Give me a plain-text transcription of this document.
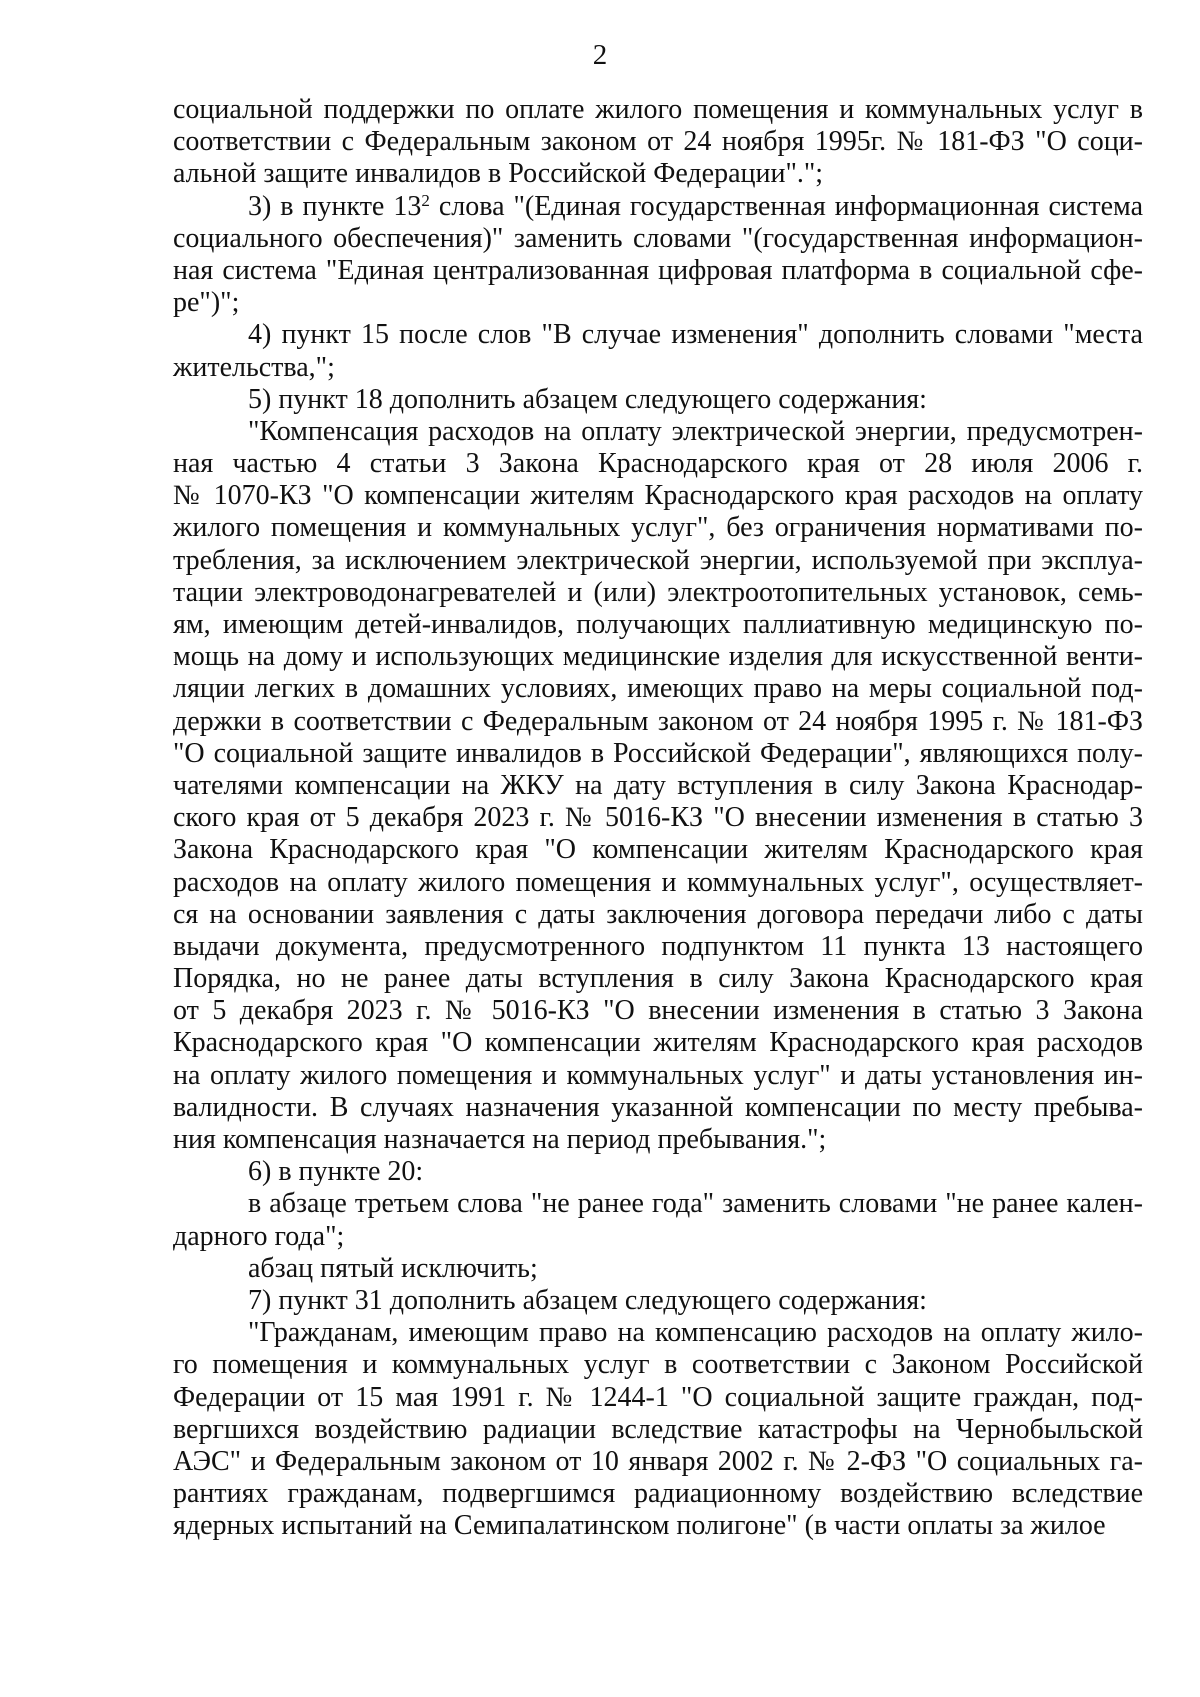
2
социальной поддержки по оплате жилого помещения и коммунальных услуг в
соответствии с Федеральным законом от 24 ноября 1995г. № 181-ФЗ "О соци-
альной защите инвалидов в Российской Федерации".";
3) в пункте $13^2$ слова "(Единая государственная информационная система
социального обеспечения)" заменить словами "(государственная информацион-
ная система "Единая централизованная цифровая платформа в социальной сфе-
ре")";
4) пункт 15 после слов "В случае изменения" дополнить словами "места
жительства,";
5) пункт 18 дополнить абзацем следующего содержания:
"Компенсация расходов на оплату электрической энергии, предусмотрен-
ная частью 4 статьи 3 Закона Краснодарского края от 28 июля 2006 г.
№ 1070-КЗ "О компенсации жителям Краснодарского края расходов на оплату
жилого помещения и коммунальных услуг", без ограничения нормативами по-
требления, за исключением электрической энергии, используемой при эксплуа-
тации электроводонагревателей и (или) электроотопительных установок, семь-
ям, имеющим детей-инвалидов, получающих паллиативную медицинскую по-
мощь на дому и использующих медицинские изделия для искусственной венти-
ляции легких в домашних условиях, имеющих право на меры социальной под-
держки в соответствии с Федеральным законом от 24 ноября 1995 г. № 181-ФЗ
"О социальной защите инвалидов в Российской Федерации", являющихся полу-
чателями компенсации на ЖКУ на дату вступления в силу Закона Краснодар-
ского края от 5 декабря 2023 г. № 5016-КЗ "О внесении изменения в статью 3
Закона Краснодарского края "О компенсации жителям Краснодарского края
расходов на оплату жилого помещения и коммунальных услуг", осуществляет-
ся на основании заявления с даты заключения договора передачи либо с даты
выдачи документа, предусмотренного подпунктом 11 пункта 13 настоящего
Порядка, но не ранее даты вступления в силу Закона Краснодарского края
от 5 декабря 2023 г. № 5016-КЗ "О внесении изменения в статью 3 Закона
Краснодарского края "О компенсации жителям Краснодарского края расходов
на оплату жилого помещения и коммунальных услуг" и даты установления ин-
валидности. В случаях назначения указанной компенсации по месту пребыва-
ния компенсация назначается на период пребывания.";
6) в пункте 20:
в абзаце третьем слова "не ранее года" заменить словами "не ранее кален-
дарного года";
абзац пятый исключить;
7) пункт 31 дополнить абзацем следующего содержания:
"Гражданам, имеющим право на компенсацию расходов на оплату жило-
го помещения и коммунальных услуг в соответствии с Законом Российской
Федерации от 15 мая 1991 г. № 1244-1 "О социальной защите граждан, под-
вергшихся воздействию радиации вследствие катастрофы на Чернобыльской
АЭС" и Федеральным законом от 10 января 2002 г. № 2-ФЗ "О социальных га-
рантиях гражданам, подвергшимся радиационному воздействию вследствие
ядерных испытаний на Семипалатинском полигоне" (в части оплаты за жилое
